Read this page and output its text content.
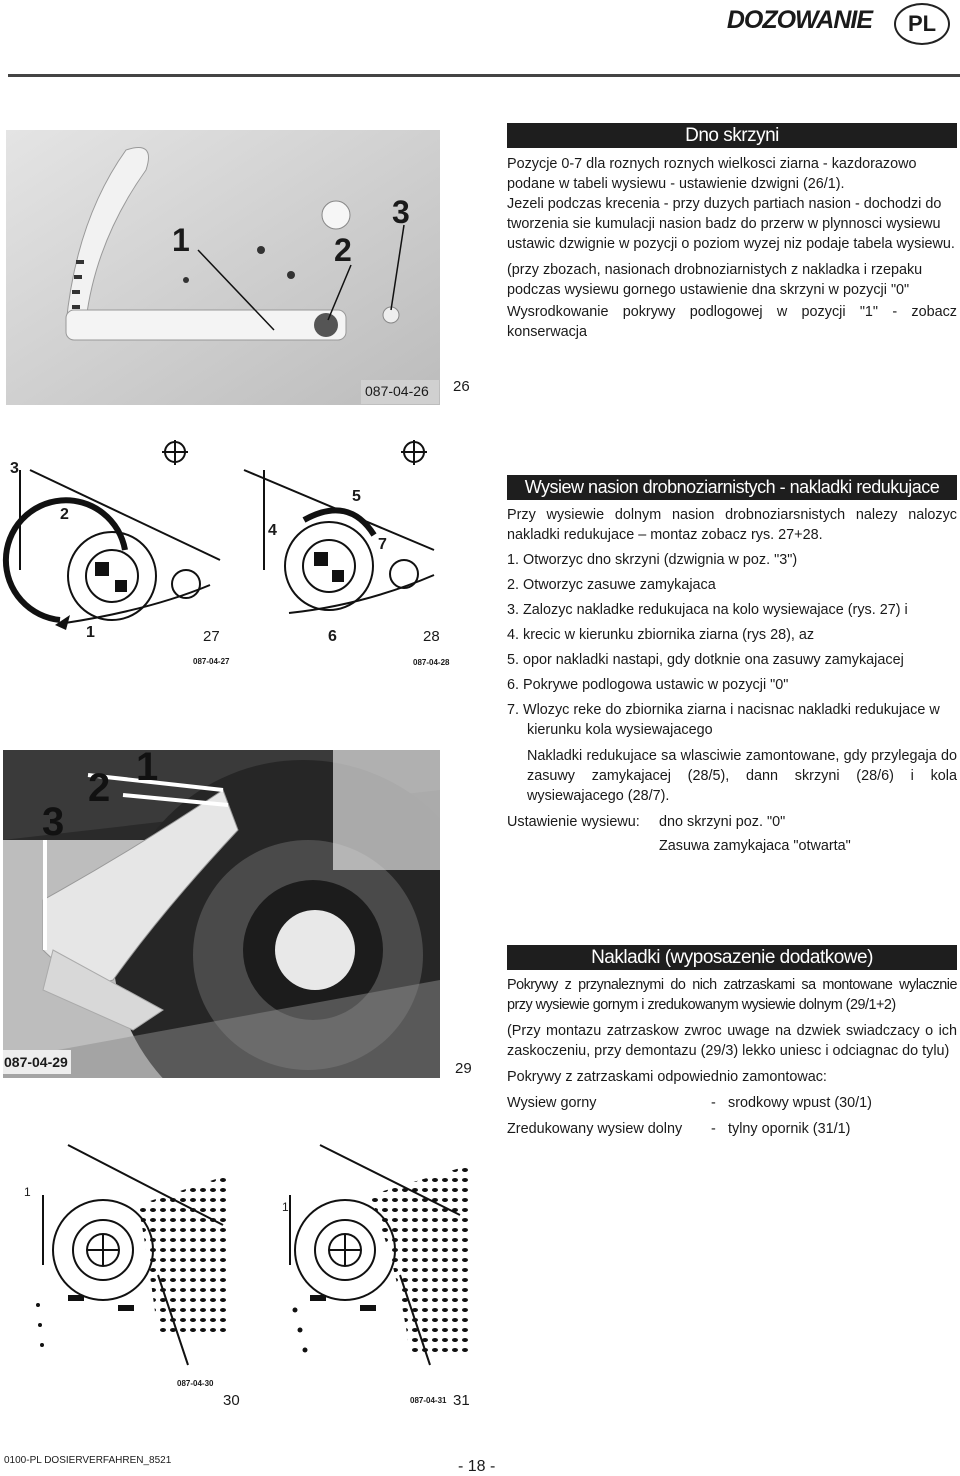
DOZOWANIE	PL
1	2
3
087-04-26 26
Dno skrzyni

Pozycje 0-7 dla roznych roznych wielkosci ziarna - kazdorazowo podane w tabeli wysiewu - ustawienie dzwigni (26/1).

Jezeli podczas krecenia - przy duzych partiach nasion - dochodzi do tworzenia sie kumulacji nasion badz do przerw w plynnosci wysiewu ustawic dzwignie w pozycji o poziom wyzej niz podaje tabela wysiewu.

(przy zbozach, nasionach drobnoziarnistych z nakladka i rzepaku podczas wysiewu gornego ustawienie dna skrzyni w pozycji "0"

Wysrodkowanie pokrywy podlogowej w pozycji "1" - zobacz konserwacja

3
2
1	27
087-04-27
4
5
7
6	28
087-04-28
Wysiew nasion drobnoziarnistych - nakladki redukujace

Przy wysiewie dolnym nasion drobnoziarsnistych nalezy nalozyc nakladki redukujace – montaz zobacz rys. 27+28.

1. Otworzyc dno skrzyni (dzwignia w poz. "3")
2. Otworzyc zasuwe zamykajaca
3. Zalozyc nakladke redukujaca na kolo wysiewajace (rys. 27) i
4. krecic w kierunku zbiornika ziarna (rys 28), az
5. opor nakladki nastapi, gdy dotknie ona zasuwy zamykajacej
6. Pokrywe podlogowa ustawic w pozycji "0"
7. Wlozyc reke do zbiornika ziarna i nacisnac nakladki redukujace w kierunku kola wysiewajacego

Nakladki redukujace sa wlasciwie zamontowane, gdy przylegaja do zasuwy zamykajacej (28/5), dann skrzyni (28/6) i kola wysiewajacego (28/7).

Ustawienie wysiewu: dno skrzyni poz. "0"
Zasuwa zamykajaca "otwarta"
1
2
3
087-04-29	29
Nakladki (wyposazenie dodatkowe)

Pokrywy z przynaleznymi do nich zatrzaskami sa montowane wylacznie przy wysiewie gornym i zredukowanym wysiewie dolnym (29/1+2)

(Przy montazu zatrzaskow zwroc uwage na dzwiek swiadczacy o ich zaskoczeniu, przy demontazu (29/3) lekko uniesc i odciagnac do tylu)

Pokrywy z zatrzaskami odpowiednio zamontowac:

Wysiew gorny	- srodkowy wpust (30/1)
Zredukowany wysiew dolny - tylny opornik (31/1)
1
087-04-30
30
1
087-04-31 31
0100-PL DOSIERVERFAHREN_8521	- 18 -
